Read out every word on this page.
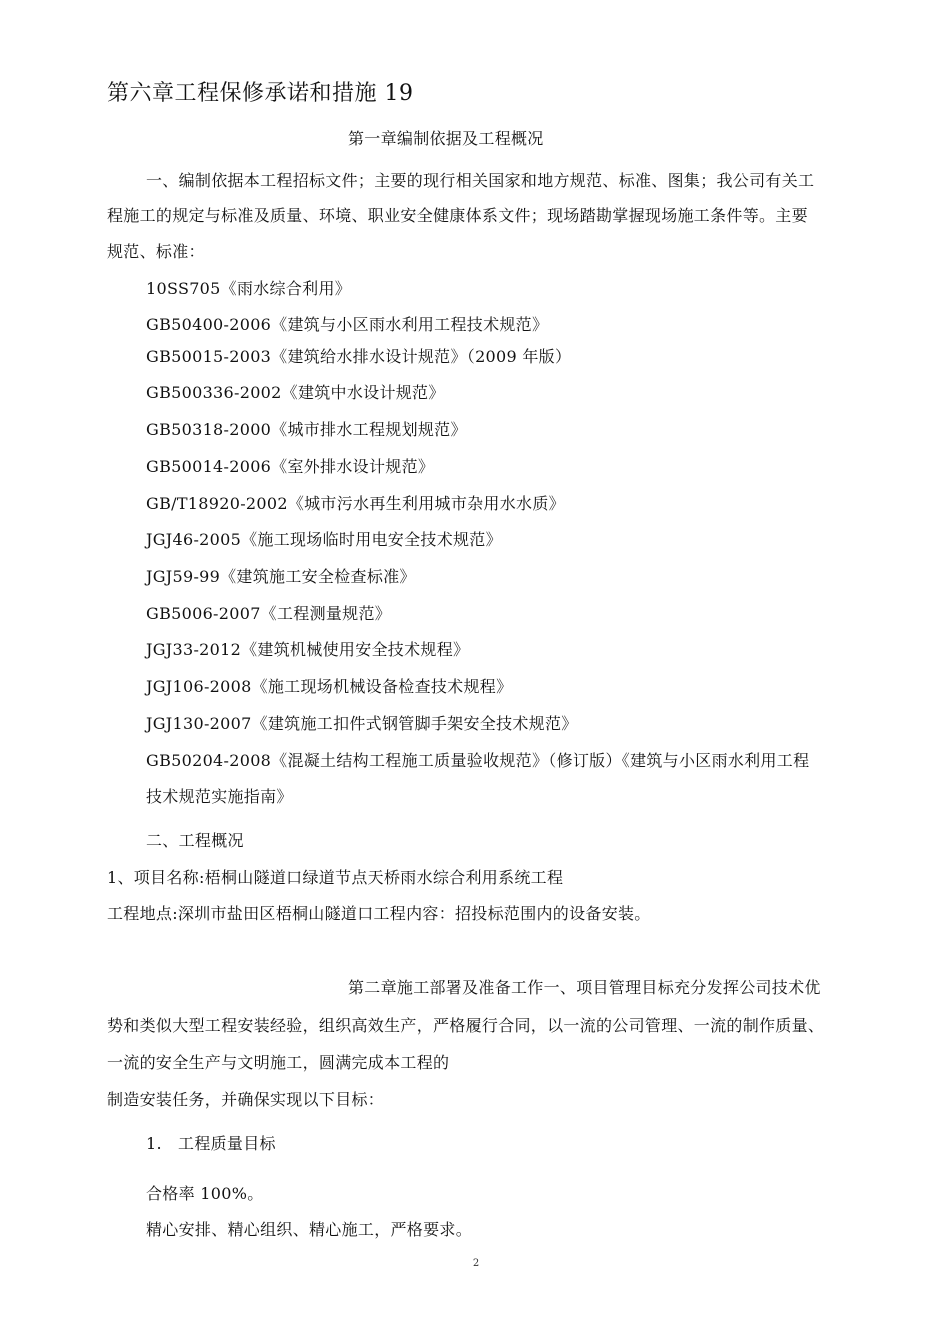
第六章工程保修承诺和措施 19
第一章编制依据及工程概况
一、编制依据本工程招标文件；主要的现行相关国家和地方规范、标准、图集；我公司有关工
程施工的规定与标准及质量、环境、职业安全健康体系文件；现场踏勘掌握现场施工条件等。主要
规范、标准：
10SS705《雨水综合利用》
GB50400-2006《建筑与小区雨水利用工程技术规范》
GB50015-2003《建筑给水排水设计规范》（2009 年版）
GB500336-2002《建筑中水设计规范》
GB50318-2000《城市排水工程规划规范》
GB50014-2006《室外排水设计规范》
GB/T18920-2002《城市污水再生利用城市杂用水水质》
JGJ46-2005《施工现场临时用电安全技术规范》
JGJ59-99《建筑施工安全检查标准》
GB5006-2007《工程测量规范》
JGJ33-2012《建筑机械使用安全技术规程》
JGJ106-2008《施工现场机械设备检查技术规程》
JGJ130-2007《建筑施工扣件式钢管脚手架安全技术规范》
GB50204-2008《混凝土结构工程施工质量验收规范》（修订版）《建筑与小区雨水利用工程
技术规范实施指南》
二、工程概况
1、项目名称:梧桐山隧道口绿道节点天桥雨水综合利用系统工程
工程地点:深圳市盐田区梧桐山隧道口工程内容：招投标范围内的设备安装。
第二章施工部署及准备工作一、项目管理目标充分发挥公司技术优
势和类似大型工程安装经验，组织高效生产，严格履行合同，以一流的公司管理、一流的制作质量、
一流的安全生产与文明施工，圆满完成本工程的
制造安装任务，并确保实现以下目标：
1.   工程质量目标
合格率 100%。
精心安排、精心组织、精心施工，严格要求。
2
